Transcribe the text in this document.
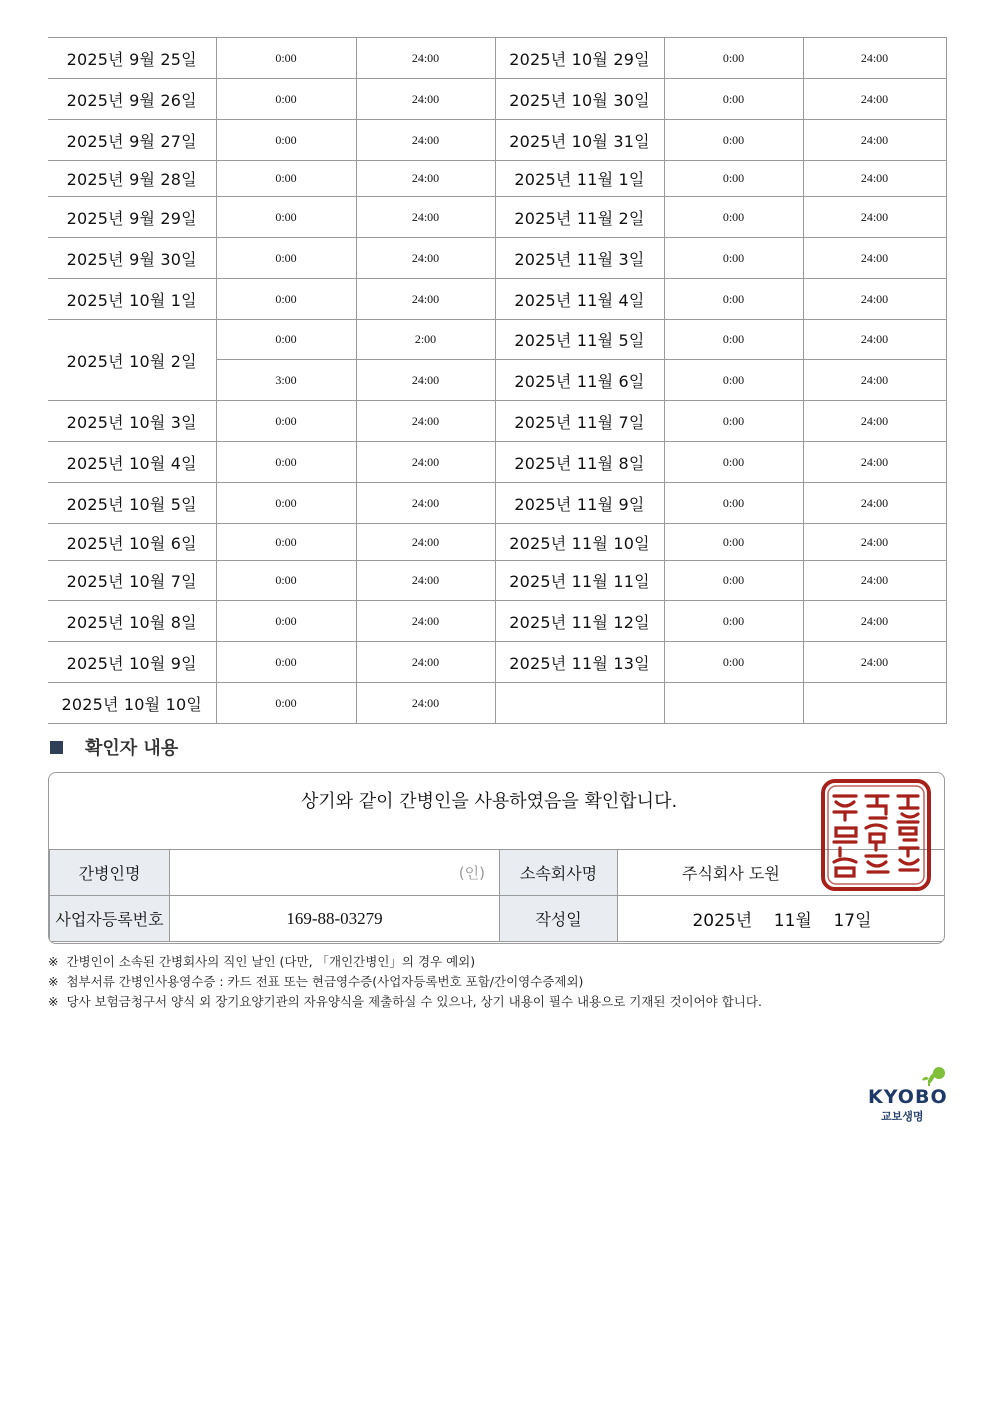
2025년 9월 25일	0:00	24:00	2025년 10월 29일	0:00	24:00
2025년 9월 26일	0:00	24:00	2025년 10월 30일	0:00	24:00
2025년 9월 27일	0:00	24:00	2025년 10월 31일	0:00	24:00
2025년 9월 28일	0:00	24:00	2025년 11월 1일	0:00	24:00
2025년 9월 29일	0:00	24:00	2025년 11월 2일	0:00	24:00
2025년 9월 30일	0:00	24:00	2025년 11월 3일	0:00	24:00
2025년 10월 1일	0:00	24:00	2025년 11월 4일	0:00	24:00
2025년 10월 2일	0:00	2:00	2025년 11월 5일	0:00	24:00
	3:00	24:00	2025년 11월 6일	0:00	24:00
2025년 10월 3일	0:00	24:00	2025년 11월 7일	0:00	24:00
2025년 10월 4일	0:00	24:00	2025년 11월 8일	0:00	24:00
2025년 10월 5일	0:00	24:00	2025년 11월 9일	0:00	24:00
2025년 10월 6일	0:00	24:00	2025년 11월 10일	0:00	24:00
2025년 10월 7일	0:00	24:00	2025년 11월 11일	0:00	24:00
2025년 10월 8일	0:00	24:00	2025년 11월 12일	0:00	24:00
2025년 10월 9일	0:00	24:00	2025년 11월 13일	0:00	24:00
2025년 10월 10일	0:00	24:00			
확인자 내용
상기와 같이 간병인을 사용하였음을 확인합니다.
간병인명	(인)	소속회사명	주식회사 도원
사업자등록번호	169-88-03279	작성일	2025년    11월    17일
※ 간병인이 소속된 간병회사의 직인 날인 (다만, 「개인간병인」의 경우 예외)
※ 첨부서류 간병인사용영수증 : 카드 전표 또는 현금영수증(사업자등록번호 포함/간이영수증제외)
※ 당사 보험금청구서 양식 외 장기요양기관의 자유양식을 제출하실 수 있으나, 상기 내용이 필수 내용으로 기재된 것이어야 합니다.
KYOBO
교보생명
